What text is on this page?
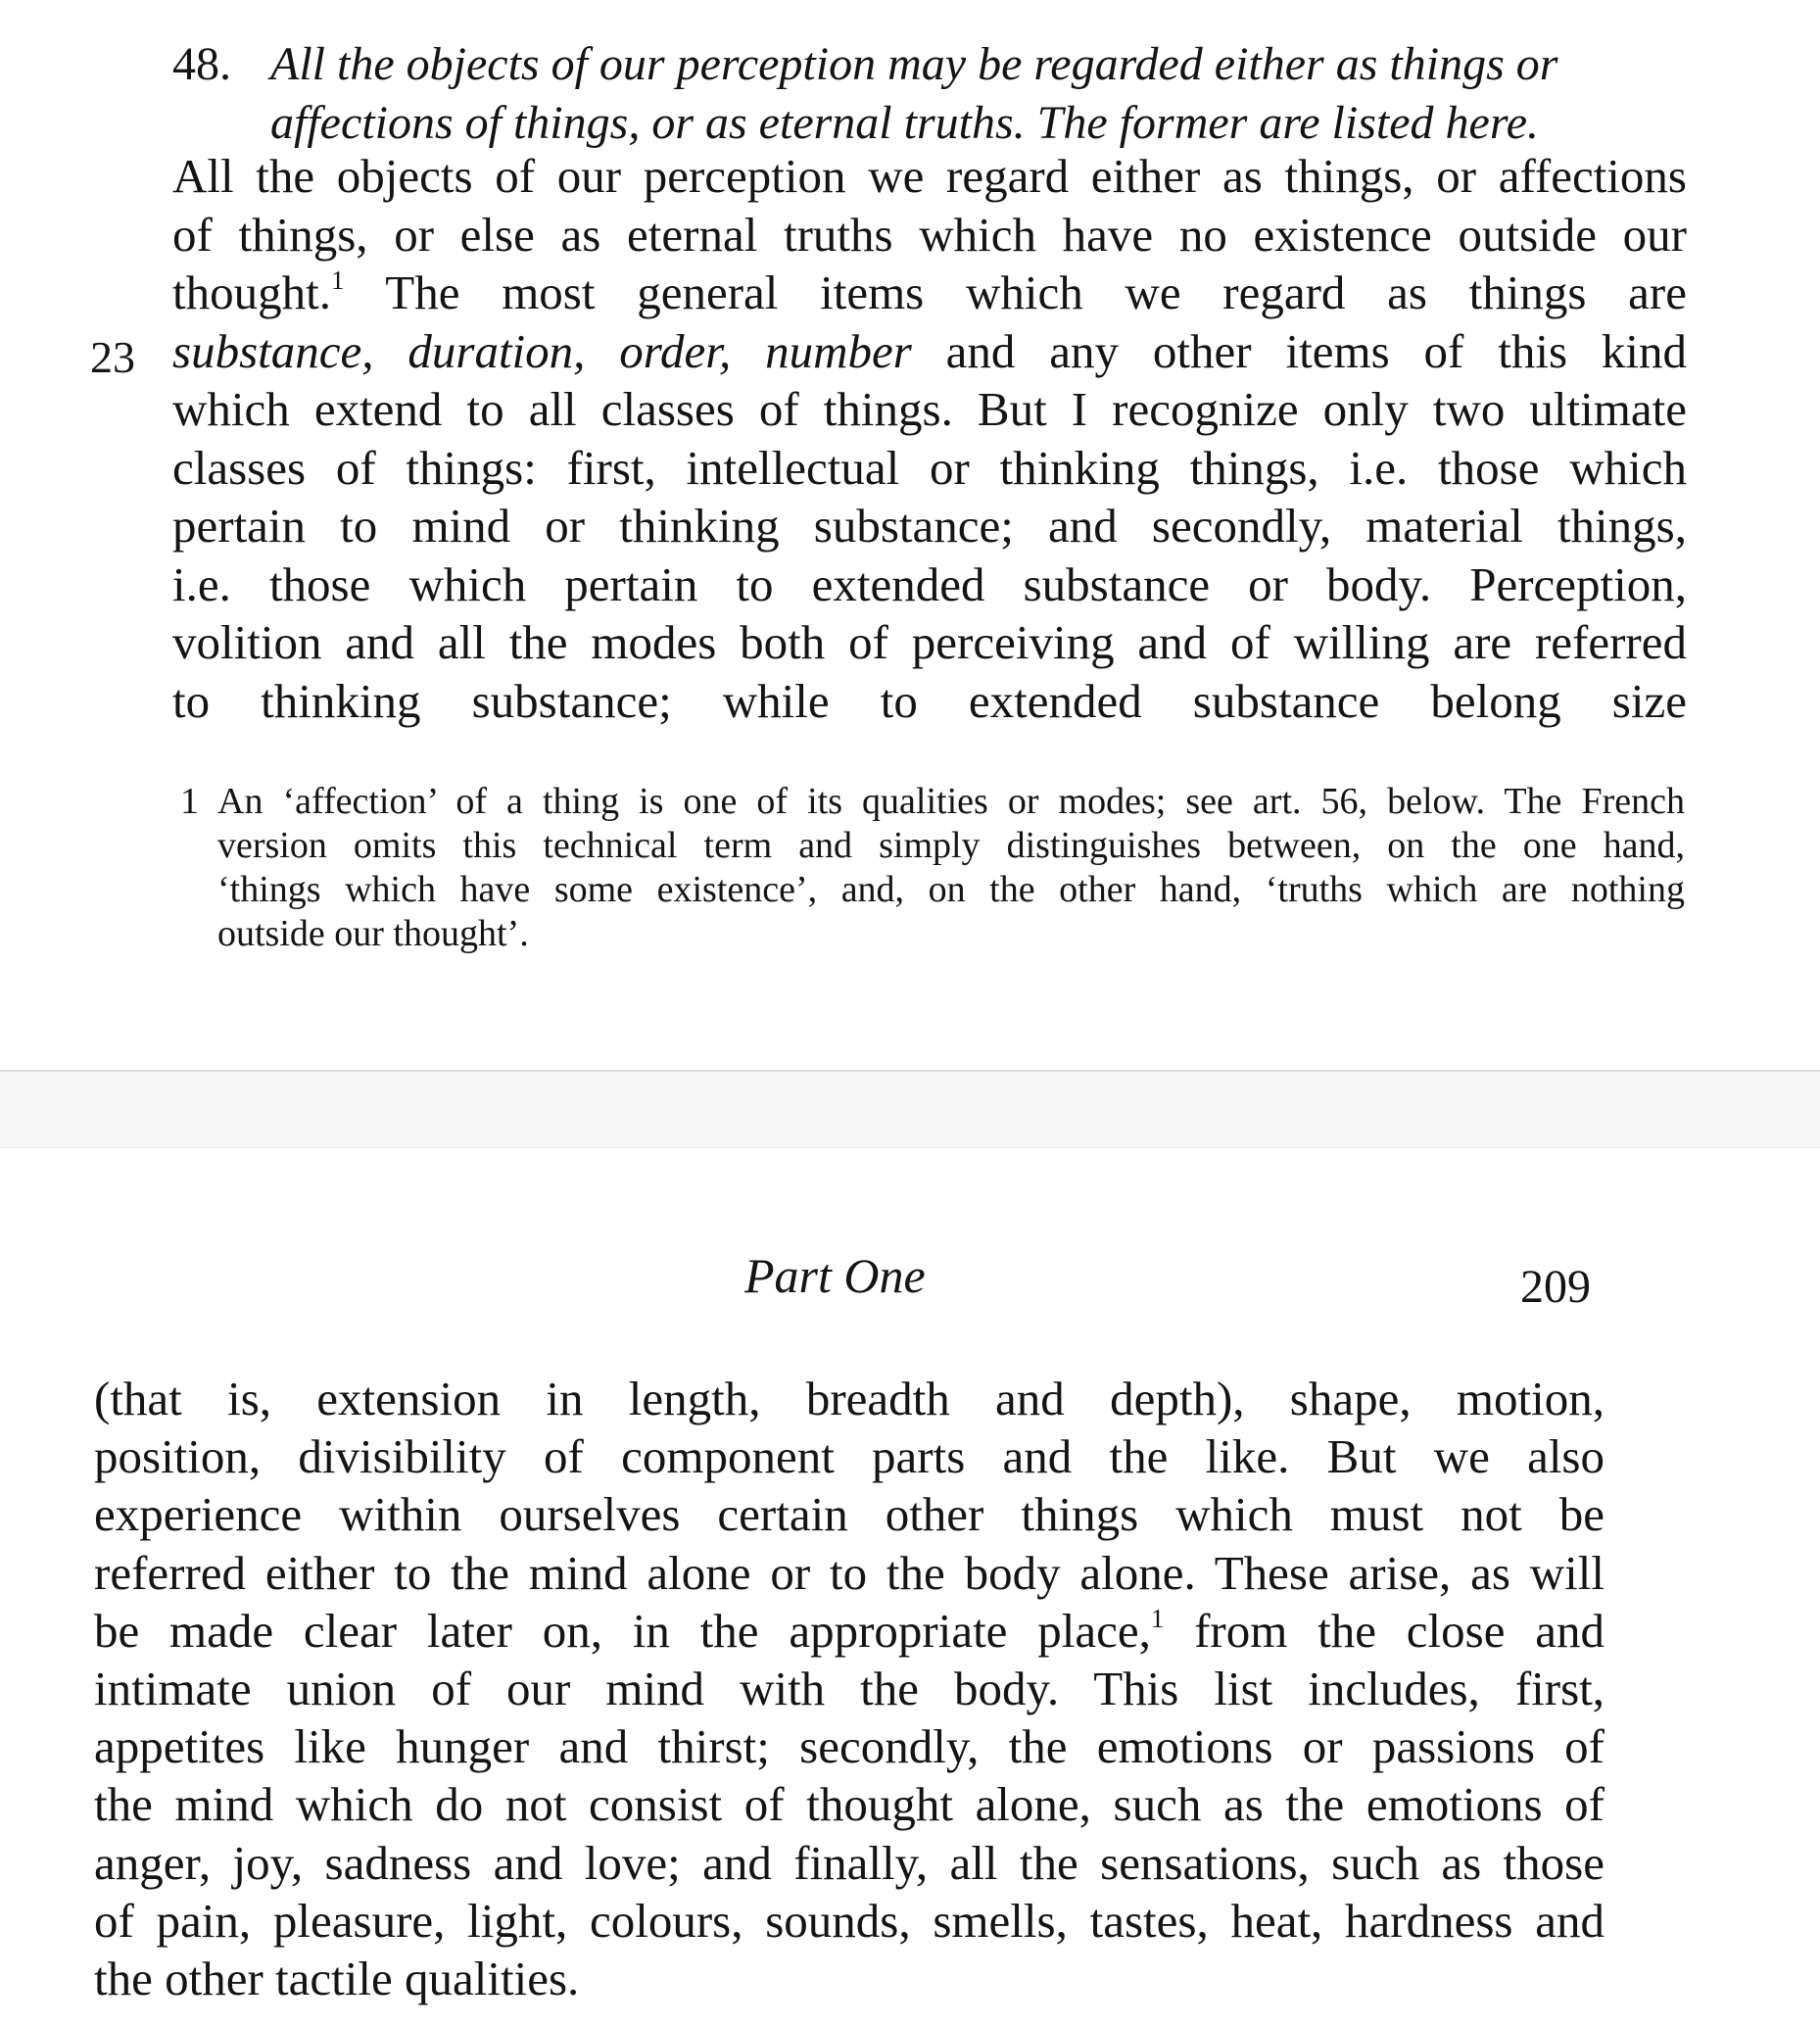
48. All the objects of our perception may be regarded either as things or
affections of things, or as eternal truths. The former are listed here.
23
All the objects of our perception we regard either as things, or affections
of things, or else as eternal truths which have no existence outside our
thought.$^1$ The most general items which we regard as things are
substance, duration, order, number and any other items of this kind
which extend to all classes of things. But I recognize only two ultimate
classes of things: first, intellectual or thinking things, i.e. those which
pertain to mind or thinking substance; and secondly, material things,
i.e. those which pertain to extended substance or body. Perception,
volition and all the modes both of perceiving and of willing are referred
to thinking substance; while to extended substance belong size
1 An ‘affection’ of a thing is one of its qualities or modes; see art. 56, below. The French
version omits this technical term and simply distinguishes between, on the one hand,
‘things which have some existence’, and, on the other hand, ‘truths which are nothing
outside our thought’.
Part One	209
(that is, extension in length, breadth and depth), shape, motion,
position, divisibility of component parts and the like. But we also
experience within ourselves certain other things which must not be
referred either to the mind alone or to the body alone. These arise, as will
be made clear later on, in the appropriate place,$^1$ from the close and
intimate union of our mind with the body. This list includes, first,
appetites like hunger and thirst; secondly, the emotions or passions of
the mind which do not consist of thought alone, such as the emotions of
anger, joy, sadness and love; and finally, all the sensations, such as those
of pain, pleasure, light, colours, sounds, smells, tastes, heat, hardness and
the other tactile qualities.
